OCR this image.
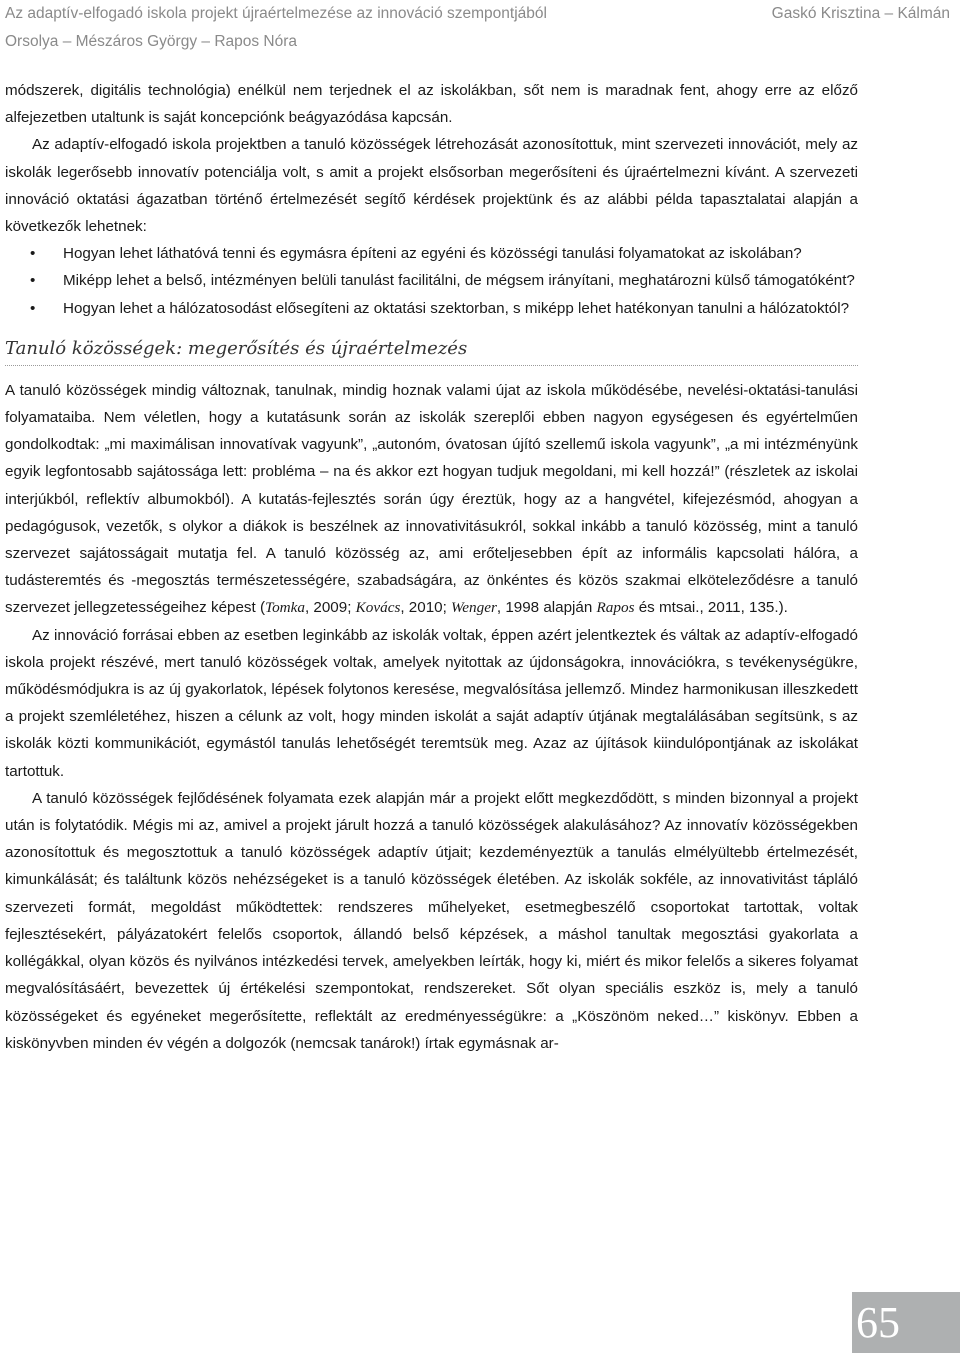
Az adaptív-elfogadó iskola projekt újraértelmezése az innováció szempontjából	Gaskó Krisztina – Kálmán
Orsolya – Mészáros György – Rapos Nóra

módszerek, digitális technológia) enélkül nem terjednek el az iskolákban, sőt nem is maradnak fent, ahogy erre az előző alfejezetben utaltunk is saját koncepciónk beágyazódása kapcsán.

Az adaptív-elfogadó iskola projektben a tanuló közösségek létrehozását azonosítottuk, mint szervezeti innovációt, mely az iskolák legerősebb innovatív potenciálja volt, s amit a projekt elsősorban megerősíteni és újraértelmezni kívánt. A szervezeti innováció oktatási ágazatban történő értelmezését segítő kérdések projektünk és az alábbi példa tapasztalatai alapján a következők lehetnek:

• Hogyan lehet láthatóvá tenni és egymásra építeni az egyéni és közösségi tanulási folyamatokat az iskolában?
• Miképp lehet a belső, intézményen belüli tanulást facilitálni, de mégsem irányítani, meghatározni külső támogatóként?
• Hogyan lehet a hálózatosodást elősegíteni az oktatási szektorban, s miképp lehet hatékonyan tanulni a hálózatoktól?
Tanuló közösségek: megerősítés és újraértelmezés

A tanuló közösségek mindig változnak, tanulnak, mindig hoznak valami újat az iskola működésébe, nevelési-oktatási-tanulási folyamataiba. Nem véletlen, hogy a kutatásunk során az iskolák szereplői ebben nagyon egységesen és egyértelműen gondolkodtak: „mi maximálisan innovatívak vagyunk”, „autonóm, óvatosan újító szellemű iskola vagyunk”, „a mi intézményünk egyik legfontosabb sajátossága lett: probléma – na és akkor ezt hogyan tudjuk megoldani, mi kell hozzá!” (részletek az iskolai interjúkból, reflektív albumokból). A kutatás-fejlesztés során úgy éreztük, hogy az a hangvétel, kifejezésmód, ahogyan a pedagógusok, vezetők, s olykor a diákok is beszélnek az innovativitásukról, sokkal inkább a tanuló közösség, mint a tanuló szervezet sajátosságait mutatja fel. A tanuló közösség az, ami erőteljesebben épít az informális kapcsolati hálóra, a tudásteremtés és -megosztás természetességére, szabadságára, az önkéntes és közös szakmai elköteleződésre a tanuló szervezet jellegzetességeihez képest (Tomka, 2009; Kovács, 2010; Wenger, 1998 alapján Rapos és mtsai., 2011, 135.).

Az innováció forrásai ebben az esetben leginkább az iskolák voltak, éppen azért jelentkeztek és váltak az adaptív-elfogadó iskola projekt részévé, mert tanuló közösségek voltak, amelyek nyitottak az újdonságokra, innovációkra, s tevékenységükre, működésmódjukra is az új gyakorlatok, lépések folytonos keresése, megvalósítása jellemző. Mindez harmonikusan illeszkedett a projekt szemléletéhez, hiszen a célunk az volt, hogy minden iskolát a saját adaptív útjának megtalálásában segítsünk, s az iskolák közti kommunikációt, egymástól tanulás lehetőségét teremtsük meg. Azaz az újítások kiindulópontjának az iskolákat tartottuk.

A tanuló közösségek fejlődésének folyamata ezek alapján már a projekt előtt megkezdődött, s minden bizonnyal a projekt után is folytatódik. Mégis mi az, amivel a projekt járult hozzá a tanuló közösségek alakulásához? Az innovatív közösségekben azonosítottuk és megosztottuk a tanuló közösségek adaptív útjait; kezdeményeztük a tanulás elmélyültebb értelmezését, kimunkálását; és találtunk közös nehézségeket is a tanuló közösségek életében. Az iskolák sokféle, az innovativitást tápláló szervezeti formát, megoldást működtettek: rendszeres műhelyeket, esetmegbeszélő csoportokat tartottak, voltak fejlesztésekért, pályázatokért felelős csoportok, állandó belső képzések, a máshol tanultak megosztási gyakorlata a kollégákkal, olyan közös és nyilvános intézkedési tervek, amelyekben leírták, hogy ki, miért és mikor felelős a sikeres folyamat megvalósításáért, bevezettek új értékelési szempontokat, rendszereket. Sőt olyan speciális eszköz is, mely a tanuló közösségeket és egyéneket megerősítette, reflektált az eredményességükre: a „Köszönöm neked…” kiskönyv. Ebben a kiskönyvben minden év végén a dolgozók (nemcsak tanárok!) írtak egymásnak ar-

65
